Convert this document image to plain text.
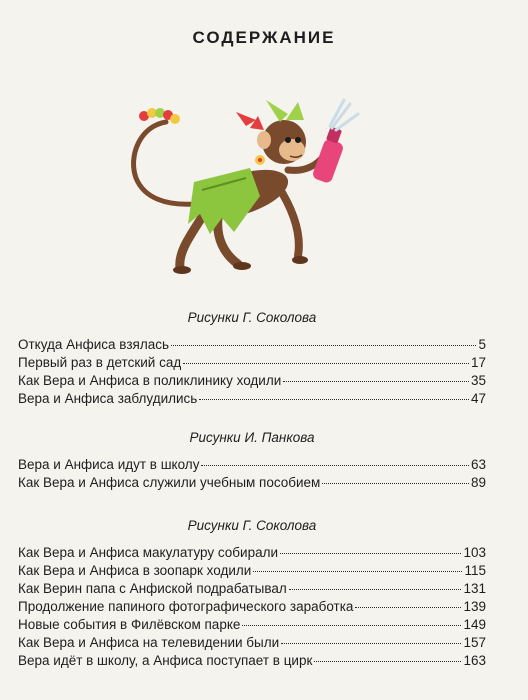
СОДЕРЖАНИЕ
Рисунки Г. Соколова
Откуда Анфиса взялась	5
Первый раз в детский сад	17
Как Вера и Анфиса в поликлинику ходили	35
Вера и Анфиса заблудились	47
Рисунки И. Панкова
Вера и Анфиса идут в школу	63
Как Вера и Анфиса служили учебным пособием	89
Рисунки Г. Соколова
Как Вера и Анфиса макулатуру собирали	103
Как Вера и Анфиса в зоопарк ходили	115
Как Верин папа с Анфиской подрабатывал	131
Продолжение папиного фотографического заработка	139
Новые события в Филёвском парке	149
Как Вера и Анфиса на телевидении были	157
Вера идёт в школу, а Анфиса поступает в цирк	163
